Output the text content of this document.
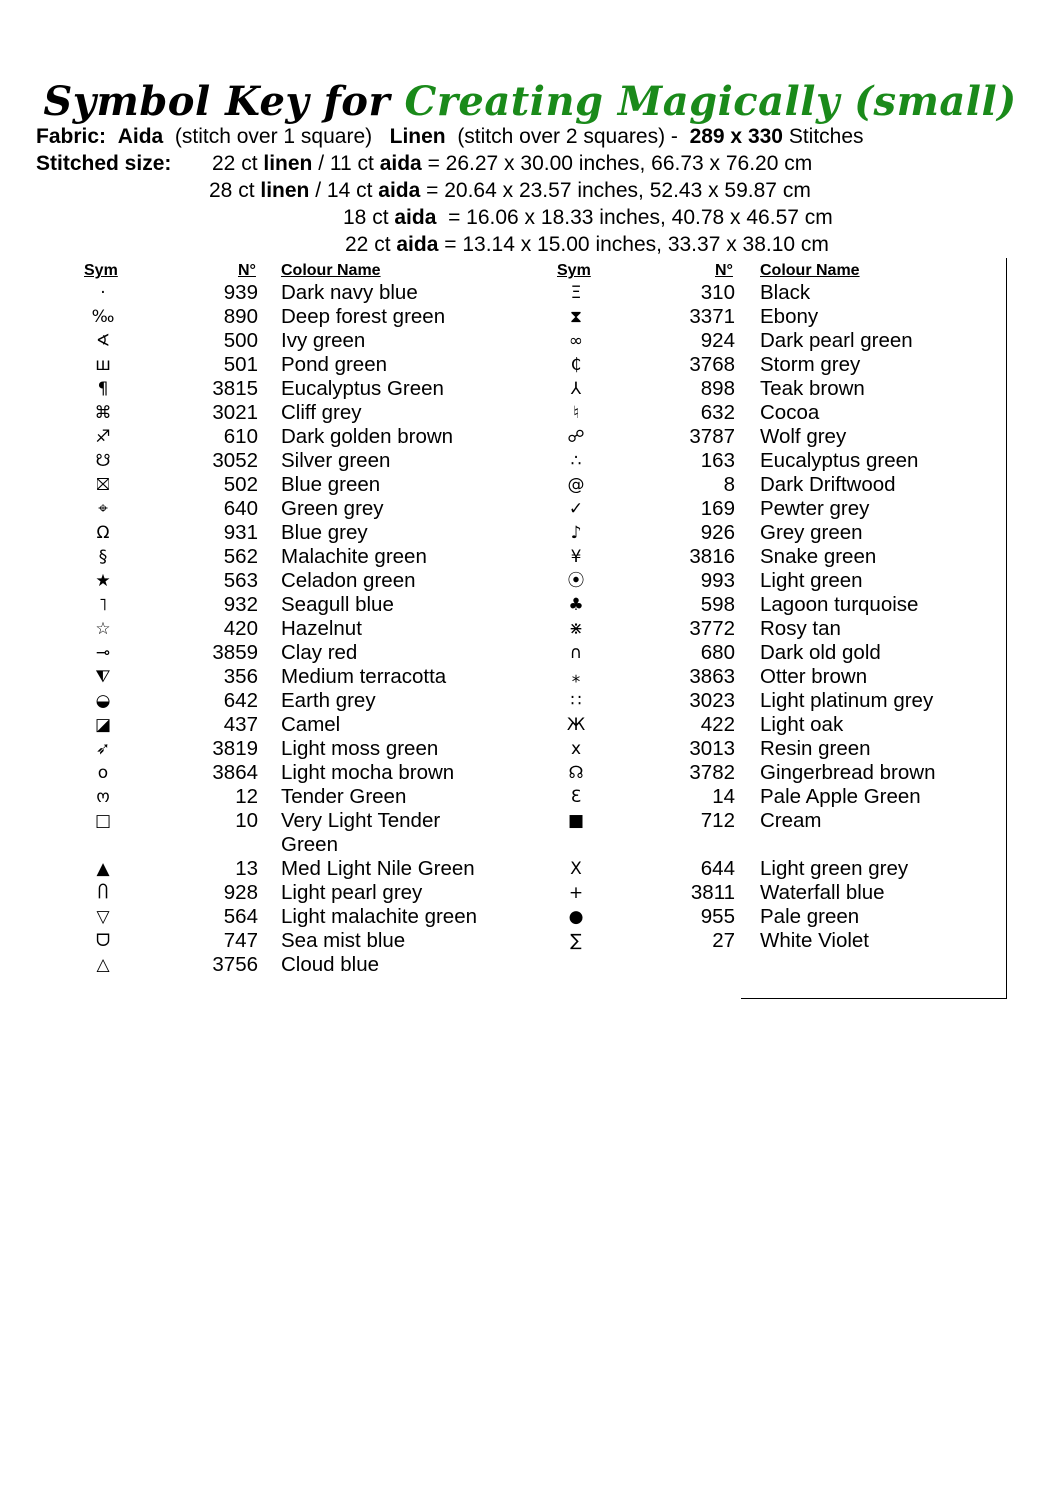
Symbol Key for Creating Magically (small)
Fabric: Aida (stitch over 1 square) Linen (stitch over 2 squares) - 289 x 330 Stitches
Stitched size: 22 ct linen / 11 ct aida = 26.27 x 30.00 inches, 66.73 x 76.20 cm
28 ct linen / 14 ct aida = 20.64 x 23.57 inches, 52.43 x 59.87 cm
18 ct aida  = 16.06 x 18.33 inches, 40.78 x 46.57 cm
22 ct aida = 13.14 x 15.00 inches, 33.37 x 38.10 cm
Sym	N° Colour Name	Sym	N° Colour Name
·	939 Dark navy blue
‰	890 Deep forest green
∢	500 Ivy green
ш	501 Pond green
¶	3815 Eucalyptus Green
⌘	3021 Cliff grey
♐	610 Dark golden brown
☋	3052 Silver green
⛝	502 Blue green
⌖	640 Green grey
Ω	931 Blue grey
§	562 Malachite green
★	563 Celadon green
˥	932 Seagull blue
☆	420 Hazelnut
⊸	3859 Clay red
⧨	356 Medium terracotta
◒	642 Earth grey
◪	437 Camel
➶	3819 Light moss green
o	3864 Light mocha brown
ო	12 Tender Green
□	10 Very Light Tender Green
▲	13 Med Light Nile Green
Ⴖ	928 Light pearl grey
▽	564 Light malachite green
ᗜ	747 Sea mist blue
△	3756 Cloud blue
Ξ	310 Black
⧗	3371 Ebony
∞	924 Dark pearl green
₵	3768 Storm grey
⅄	898 Teak brown
♮	632 Cocoa
☍	3787 Wolf grey
∴	163 Eucalyptus green
@	8 Dark Driftwood
✓	169 Pewter grey
♪	926 Grey green
¥	3816 Snake green
⦿	993 Light green
♣	598 Lagoon turquoise
⋇	3772 Rosy tan
∩	680 Dark old gold
⁎	3863 Otter brown
∷	3023 Light platinum grey
Ж	422 Light oak
x	3013 Resin green
☊	3782 Gingerbread brown
Ɛ	14 Pale Apple Green
■	712 Cream
Ⅹ	644 Light green grey
+	3811 Waterfall blue
●	955 Pale green
∑	27 White Violet
